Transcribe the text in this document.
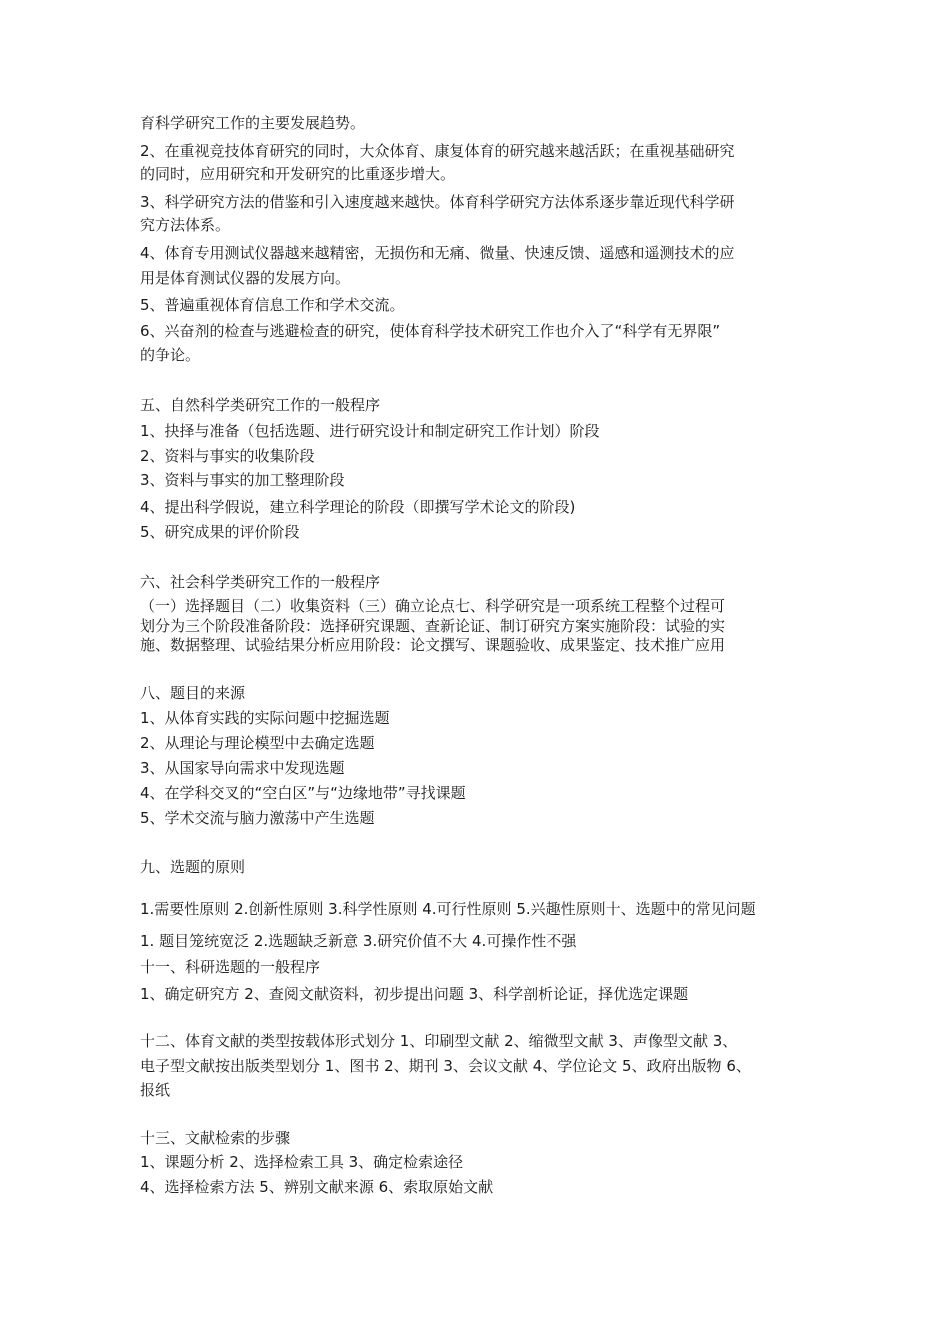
育科学研究工作的主要发展趋势。
2、在重视竞技体育研究的同时，大众体育、康复体育的研究越来越活跃；在重视基础研究
的同时，应用研究和开发研究的比重逐步增大。
3、科学研究方法的借鉴和引入速度越来越快。体育科学研究方法体系逐步靠近现代科学研
究方法体系。
4、体育专用测试仪器越来越精密，无损伤和无痛、微量、快速反馈、遥感和遥测技术的应
用是体育测试仪器的发展方向。
5、普遍重视体育信息工作和学术交流。
6、兴奋剂的检查与逃避检查的研究，使体育科学技术研究工作也介入了“科学有无界限”
的争论。
五、自然科学类研究工作的一般程序
1、抉择与准备（包括选题、进行研究设计和制定研究工作计划）阶段
2、资料与事实的收集阶段
3、资料与事实的加工整理阶段
4、提出科学假说，建立科学理论的阶段（即撰写学术论文的阶段)
5、研究成果的评价阶段
六、社会科学类研究工作的一般程序
（一）选择题目（二）收集资料（三）确立论点七、科学研究是一项系统工程整个过程可
划分为三个阶段准备阶段：选择研究课题、查新论证、制订研究方案实施阶段：试验的实
施、数据整理、试验结果分析应用阶段：论文撰写、课题验收、成果鉴定、技术推广应用
八、题目的来源
1、从体育实践的实际问题中挖掘选题
2、从理论与理论模型中去确定选题
3、从国家导向需求中发现选题
4、在学科交叉的“空白区”与“边缘地带”寻找课题
5、学术交流与脑力激荡中产生选题
九、选题的原则
1.需要性原则 2.创新性原则 3.科学性原则 4.可行性原则 5.兴趣性原则十、选题中的常见问题
1. 题目笼统宽泛 2.选题缺乏新意 3.研究价值不大 4.可操作性不强
十一、科研选题的一般程序
1、确定研究方 2、查阅文献资料，初步提出问题 3、科学剖析论证，择优选定课题
十二、体育文献的类型按载体形式划分 1、印刷型文献 2、缩微型文献 3、声像型文献 3、
电子型文献按出版类型划分 1、图书 2、期刊 3、会议文献 4、学位论文 5、政府出版物 6、
报纸
十三、文献检索的步骤
1、课题分析 2、选择检索工具 3、确定检索途径
4、选择检索方法 5、辨别文献来源 6、索取原始文献
